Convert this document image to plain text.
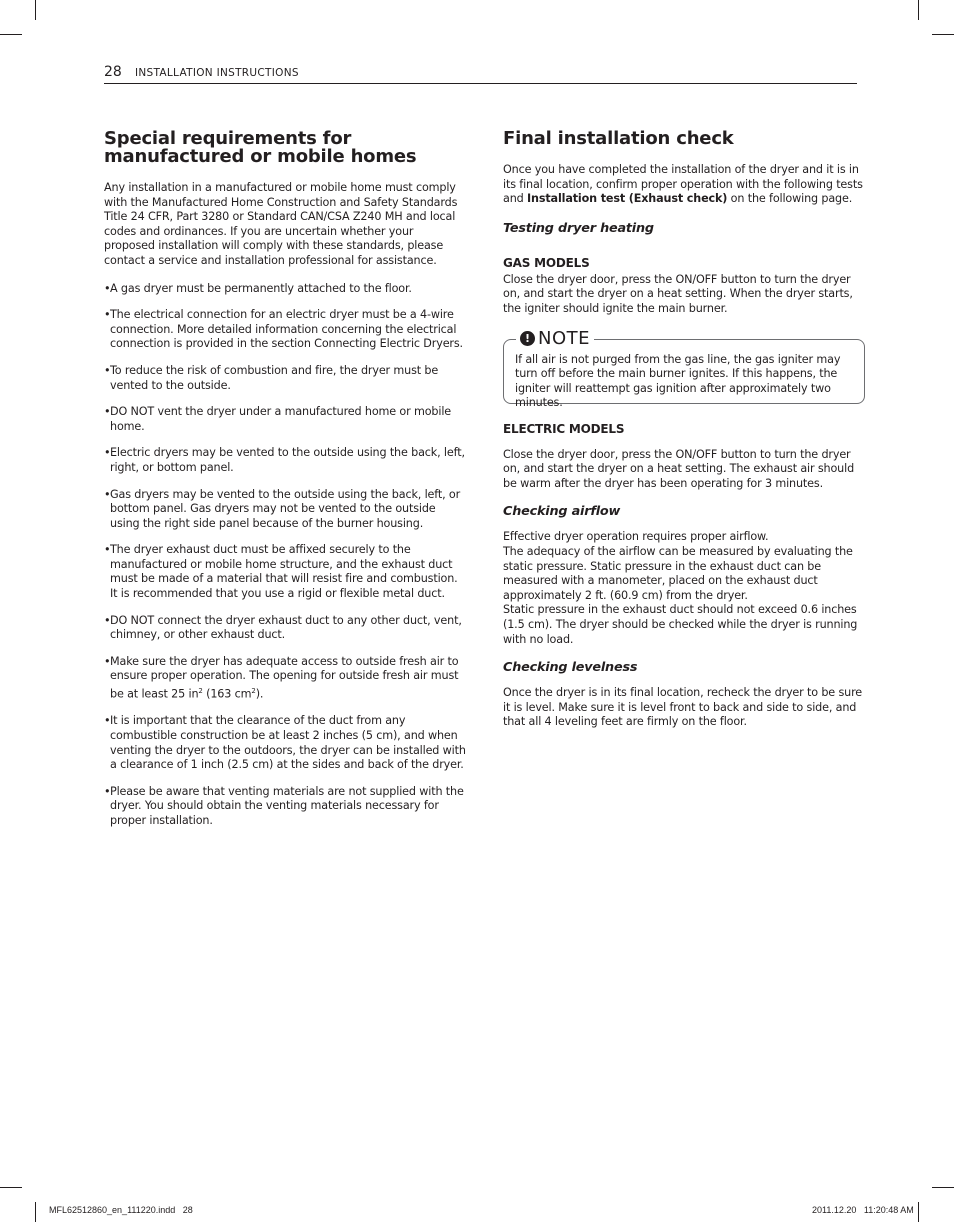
28 INSTALLATION INSTRUCTIONS
Special requirements for manufactured or mobile homes

Any installation in a manufactured or mobile home must comply with the Manufactured Home Construction and Safety Standards Title 24 CFR, Part 3280 or Standard CAN/CSA Z240 MH and local codes and ordinances. If you are uncertain whether your proposed installation will comply with these standards, please contact a service and installation professional for assistance.

• A gas dryer must be permanently attached to the floor.
• The electrical connection for an electric dryer must be a 4-wire connection. More detailed information concerning the electrical connection is provided in the section Connecting Electric Dryers.
• To reduce the risk of combustion and fire, the dryer must be vented to the outside.
• DO NOT vent the dryer under a manufactured home or mobile home.
• Electric dryers may be vented to the outside using the back, left, right, or bottom panel.
• Gas dryers may be vented to the outside using the back, left, or bottom panel. Gas dryers may not be vented to the outside using the right side panel because of the burner housing.
• The dryer exhaust duct must be affixed securely to the manufactured or mobile home structure, and the exhaust duct must be made of a material that will resist fire and combustion. It is recommended that you use a rigid or flexible metal duct.
• DO NOT connect the dryer exhaust duct to any other duct, vent, chimney, or other exhaust duct.
• Make sure the dryer has adequate access to outside fresh air to ensure proper operation. The opening for outside fresh air must be at least 25 $in^2$ (163 $cm^2$).
• It is important that the clearance of the duct from any combustible construction be at least 2 inches (5 cm), and when venting the dryer to the outdoors, the dryer can be installed with a clearance of 1 inch (2.5 cm) at the sides and back of the dryer.
• Please be aware that venting materials are not supplied with the dryer. You should obtain the venting materials necessary for proper installation.
Final installation check

Once you have completed the installation of the dryer and it is in its final location, confirm proper operation with the following tests and Installation test (Exhaust check) on the following page.

Testing dryer heating
GAS MODELS

Close the dryer door, press the ON/OFF button to turn the dryer on, and start the dryer on a heat setting. When the dryer starts, the igniter should ignite the main burner.

! NOTE

If all air is not purged from the gas line, the gas igniter may turn off before the main burner ignites. If this happens, the igniter will reattempt gas ignition after approximately two minutes.

ELECTRIC MODELS

Close the dryer door, press the ON/OFF button to turn the dryer on, and start the dryer on a heat setting. The exhaust air should be warm after the dryer has been operating for 3 minutes.

Checking airflow

Effective dryer operation requires proper airflow.
The adequacy of the airflow can be measured by evaluating the static pressure. Static pressure in the exhaust duct can be measured with a manometer, placed on the exhaust duct approximately 2 ft. (60.9 cm) from the dryer.
Static pressure in the exhaust duct should not exceed 0.6 inches (1.5 cm). The dryer should be checked while the dryer is running with no load.

Checking levelness

Once the dryer is in its final location, recheck the dryer to be sure it is level. Make sure it is level front to back and side to side, and that all 4 leveling feet are firmly on the floor.

MFL62512860_en_111220.indd   28	2011.12.20   11:20:48 AM
